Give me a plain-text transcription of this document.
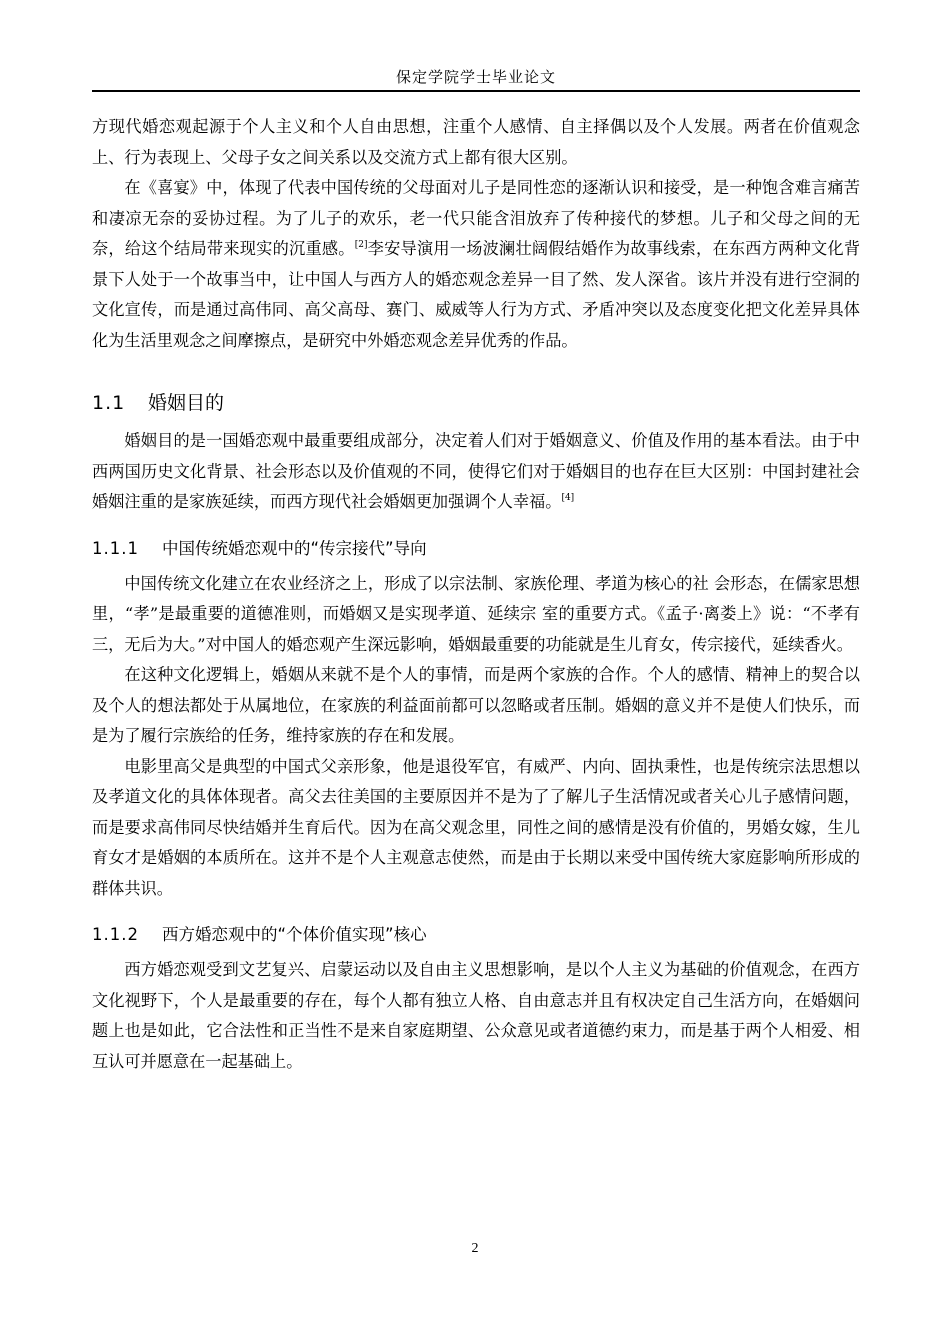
保定学院学士毕业论文

方现代婚恋观起源于个人主义和个人自由思想，注重个人感情、自主择偶以及个人发展。两者在价值观念上、行为表现上、父母子女之间关系以及交流方式上都有很大区别。

在《喜宴》中，体现了代表中国传统的父母面对儿子是同性恋的逐渐认识和接受，是一种饱含难言痛苦和凄凉无奈的妥协过程。为了儿子的欢乐，老一代只能含泪放弃了传种接代的梦想。儿子和父母之间的无奈，给这个结局带来现实的沉重感。[2]李安导演用一场波澜壮阔假结婚作为故事线索，在东西方两种文化背景下人处于一个故事当中，让中国人与西方人的婚恋观念差异一目了然、发人深省。该片并没有进行空洞的文化宣传，而是通过高伟同、高父高母、赛门、威威等人行为方式、矛盾冲突以及态度变化把文化差异具体化为生活里观念之间摩擦点，是研究中外婚恋观念差异优秀的作品。

1.1 婚姻目的

婚姻目的是一国婚恋观中最重要组成部分，决定着人们对于婚姻意义、价值及作用的基本看法。由于中西两国历史文化背景、社会形态以及价值观的不同，使得它们对于婚姻目的也存在巨大区别：中国封建社会婚姻注重的是家族延续，而西方现代社会婚姻更加强调个人幸福。[4]

1.1.1 中国传统婚恋观中的“传宗接代”导向

中国传统文化建立在农业经济之上，形成了以宗法制、家族伦理、孝道为核心的社 会形态，在儒家思想里，“孝”是最重要的道德准则，而婚姻又是实现孝道、延续宗 室的重要方式。《孟子·离娄上》说：“不孝有三，无后为大。”对中国人的婚恋观产生深远影响，婚姻最重要的功能就是生儿育女，传宗接代，延续香火。

在这种文化逻辑上，婚姻从来就不是个人的事情，而是两个家族的合作。个人的感情、精神上的契合以及个人的想法都处于从属地位，在家族的利益面前都可以忽略或者压制。婚姻的意义并不是使人们快乐，而是为了履行宗族给的任务，维持家族的存在和发展。

电影里高父是典型的中国式父亲形象，他是退役军官，有威严、内向、固执秉性，也是传统宗法思想以及孝道文化的具体体现者。高父去往美国的主要原因并不是为了了解儿子生活情况或者关心儿子感情问题，而是要求高伟同尽快结婚并生育后代。因为在高父观念里，同性之间的感情是没有价值的，男婚女嫁，生儿育女才是婚姻的本质所在。这并不是个人主观意志使然，而是由于长期以来受中国传统大家庭影响所形成的群体共识。

1.1.2 西方婚恋观中的“个体价值实现”核心

西方婚恋观受到文艺复兴、启蒙运动以及自由主义思想影响，是以个人主义为基础的价值观念，在西方文化视野下，个人是最重要的存在，每个人都有独立人格、自由意志并且有权决定自己生活方向，在婚姻问题上也是如此，它合法性和正当性不是来自家庭期望、公众意见或者道德约束力，而是基于两个人相爱、相互认可并愿意在一起基础上。

2
